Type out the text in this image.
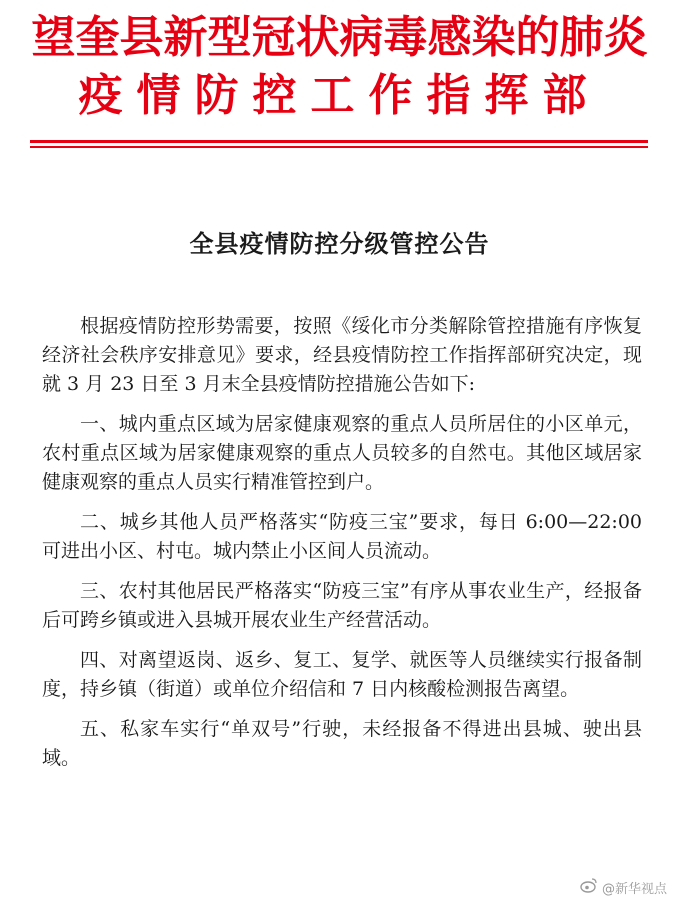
望奎县新型冠状病毒感染的肺炎
疫情防控工作指挥部
全县疫情防控分级管控公告

根据疫情防控形势需要，按照《绥化市分类解除管控措施有序恢复经济社会秩序安排意见》要求，经县疫情防控工作指挥部研究决定，现就 3 月 23 日至 3 月末全县疫情防控措施公告如下:

一、城内重点区域为居家健康观察的重点人员所居住的小区单元，农村重点区域为居家健康观察的重点人员较多的自然屯。其他区域居家健康观察的重点人员实行精准管控到户。

二、城乡其他人员严格落实“防疫三宝”要求，每日 6:00—22:00 可进出小区、村屯。城内禁止小区间人员流动。

三、农村其他居民严格落实“防疫三宝”有序从事农业生产，经报备后可跨乡镇或进入县城开展农业生产经营活动。

四、对离望返岗、返乡、复工、复学、就医等人员继续实行报备制度，持乡镇（街道）或单位介绍信和 7 日内核酸检测报告离望。

五、私家车实行“单双号”行驶，未经报备不得进出县城、驶出县域。

@新华视点
